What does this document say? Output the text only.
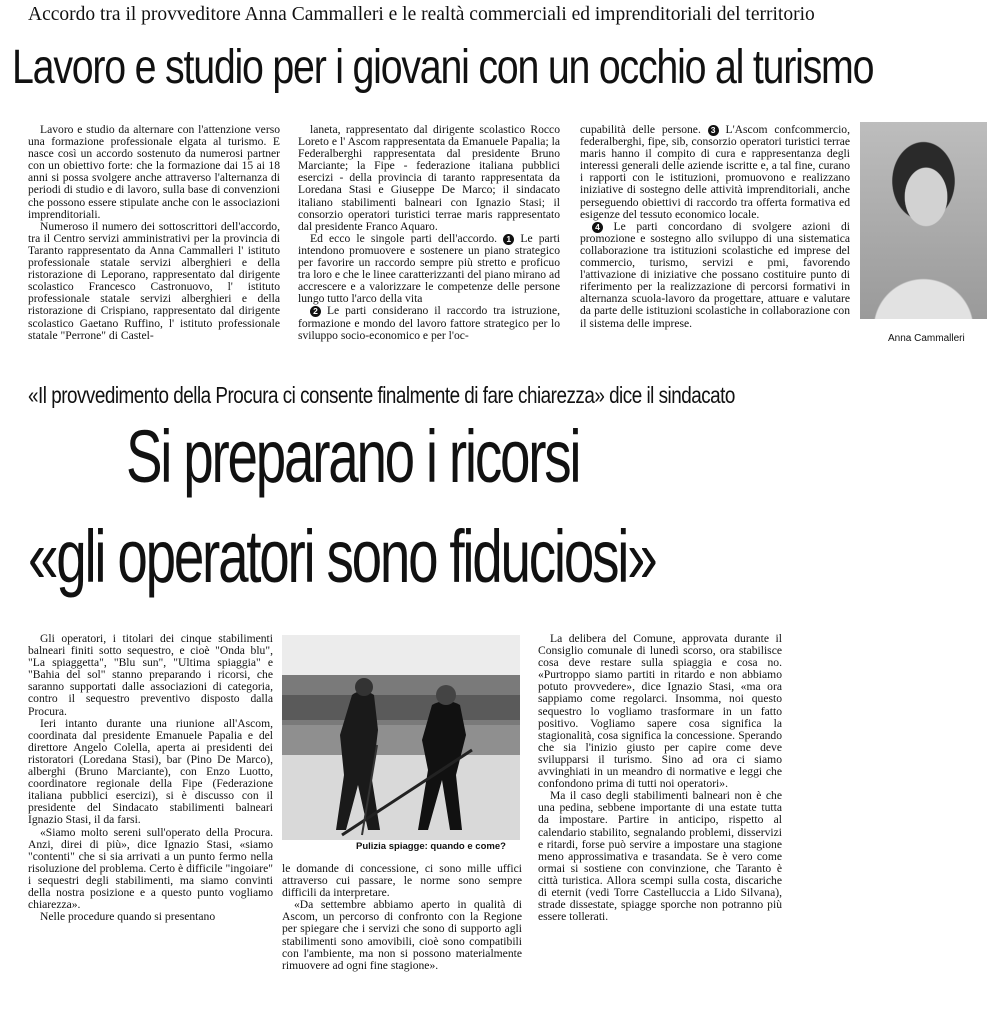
Accordo tra il provveditore Anna Cammalleri e le realtà commerciali ed imprenditoriali del territorio
Lavoro e studio per i giovani con un occhio al turismo

Lavoro e studio da alternare con l'attenzione verso una formazione professionale elgata al turismo. E nasce così un accordo sostenuto da numerosi partner con un obiettivo forte: che la formazione dai 15 ai 18 anni si possa svolgere anche attraverso l'alternanza di periodi di studio e di lavoro, sulla base di convenzioni che possono essere stipulate anche con le associazioni imprenditoriali.

Numeroso il numero dei sottoscrittori dell'accordo, tra il Centro servizi amministrativi per la provincia di Taranto rappresentato da Anna Cammalleri l' istituto professionale statale servizi alberghieri e della ristorazione di Leporano, rappresentato dal dirigente scolastico Francesco Castronuovo, l' istituto professionale statale servizi alberghieri e della ristorazione di Crispiano, rappresentato dal dirigente scolastico Gaetano Ruffino, l' istituto professionale statale "Perrone" di Castel-

laneta, rappresentato dal dirigente scolastico Rocco Loreto e l' Ascom rappresentata da Emanuele Papalia; la Federalberghi rappresentata dal presidente Bruno Marciante; la Fipe - federazione italiana pubblici esercizi - della provincia di taranto rappresentata da Loredana Stasi e Giuseppe De Marco; il sindacato italiano stabilimenti balneari con Ignazio Stasi; il consorzio operatori turistici terrae maris rappresentato dal presidente Franco Aquaro.

Ed ecco le singole parti dell'accordo. 1 Le parti intendono promuovere e sostenere un piano strategico per favorire un raccordo sempre più stretto e proficuo tra loro e che le linee caratterizzanti del piano mirano ad accrescere e a valorizzare le competenze delle persone lungo tutto l'arco della vita

2 Le parti considerano il raccordo tra istruzione, formazione e mondo del lavoro fattore strategico per lo sviluppo socio-economico e per l'oc-

cupabilità delle persone. 3 L'Ascom confcommercio, federalberghi, fipe, sib, consorzio operatori turistici terrae maris hanno il compito di cura e rappresentanza degli interessi generali delle aziende iscritte e, a tal fine, curano i rapporti con le istituzioni, promuovono e realizzano iniziative di sostegno delle attività imprenditoriali, anche perseguendo obiettivi di raccordo tra offerta formativa ed esigenze del tessuto economico locale.

4 Le parti concordano di svolgere azioni di promozione e sostegno allo sviluppo di una sistematica collaborazione tra istituzioni scolastiche ed imprese del commercio, turismo, servizi e pmi, favorendo l'attivazione di iniziative che possano costituire punto di riferimento per la realizzazione di percorsi formativi in alternanza scuola-lavoro da progettare, attuare e valutare da parte delle istituzioni scolastiche in collaborazione con il sistema delle imprese.

Anna Cammalleri
«Il provvedimento della Procura ci consente finalmente di fare chiarezza» dice il sindacato
Si preparano i ricorsi
«gli operatori sono fiduciosi»

Gli operatori, i titolari dei cinque stabilimenti balneari finiti sotto sequestro, e cioè "Onda blu", "La spiaggetta", "Blu sun", "Ultima spiaggia" e "Bahia del sol" stanno preparando i ricorsi, che saranno supportati dalle associazioni di categoria, contro il sequestro preventivo disposto dalla Procura.

Ieri intanto durante una riunione all'Ascom, coordinata dal presidente Emanuele Papalia e del direttore Angelo Colella, aperta ai presidenti dei ristoratori (Loredana Stasi), bar (Pino De Marco), alberghi (Bruno Marciante), con Enzo Luotto, coordinatore regionale della Fipe (Federazione italiana pubblici esercizi), si è discusso con il presidente del Sindacato stabilimenti balneari Ignazio Stasi, il da farsi.

«Siamo molto sereni sull'operato della Procura. Anzi, direi di più», dice Ignazio Stasi, «siamo "contenti" che si sia arrivati a un punto fermo nella risoluzione del problema. Certo è difficile "ingoiare" i sequestri degli stabilimenti, ma siamo convinti della nostra posizione e a questo punto vogliamo chiarezza».

Nelle procedure quando si presentano

Pulizia spiagge: quando e come?

le domande di concessione, ci sono mille uffici attraverso cui passare, le norme sono sempre difficili da interpretare.

«Da settembre abbiamo aperto in qualità di Ascom, un percorso di confronto con la Regione per spiegare che i servizi che sono di supporto agli stabilimenti sono amovibili, cioè sono compatibili con l'ambiente, ma non si possono materialmente rimuovere ad ogni fine stagione».

La delibera del Comune, approvata durante il Consiglio comunale di lunedì scorso, ora stabilisce cosa deve restare sulla spiaggia e cosa no. «Purtroppo siamo partiti in ritardo e non abbiamo potuto provvedere», dice Ignazio Stasi, «ma ora sappiamo come regolarci. Insomma, noi questo sequestro lo vogliamo trasformare in un fatto positivo. Vogliamo sapere cosa significa la stagionalità, cosa significa la concessione. Sperando che sia l'inizio giusto per capire come deve svilupparsi il turismo. Sino ad ora ci siamo avvinghiati in un meandro di normative e leggi che confondono prima di tutti noi operatori».

Ma il caso degli stabilimenti balneari non è che una pedina, sebbene importante di una estate tutta da impostare. Partire in anticipo, rispetto al calendario stabilito, segnalando problemi, disservizi e ritardi, forse può servire a impostare una stagione meno approssimativa e trasandata. Se è vero come ormai si sostiene con convinzione, che Taranto è città turistica. Allora scempi sulla costa, discariche di eternit (vedi Torre Castelluccia a Lido Silvana), strade dissestate, spiagge sporche non potranno più essere tollerati.
